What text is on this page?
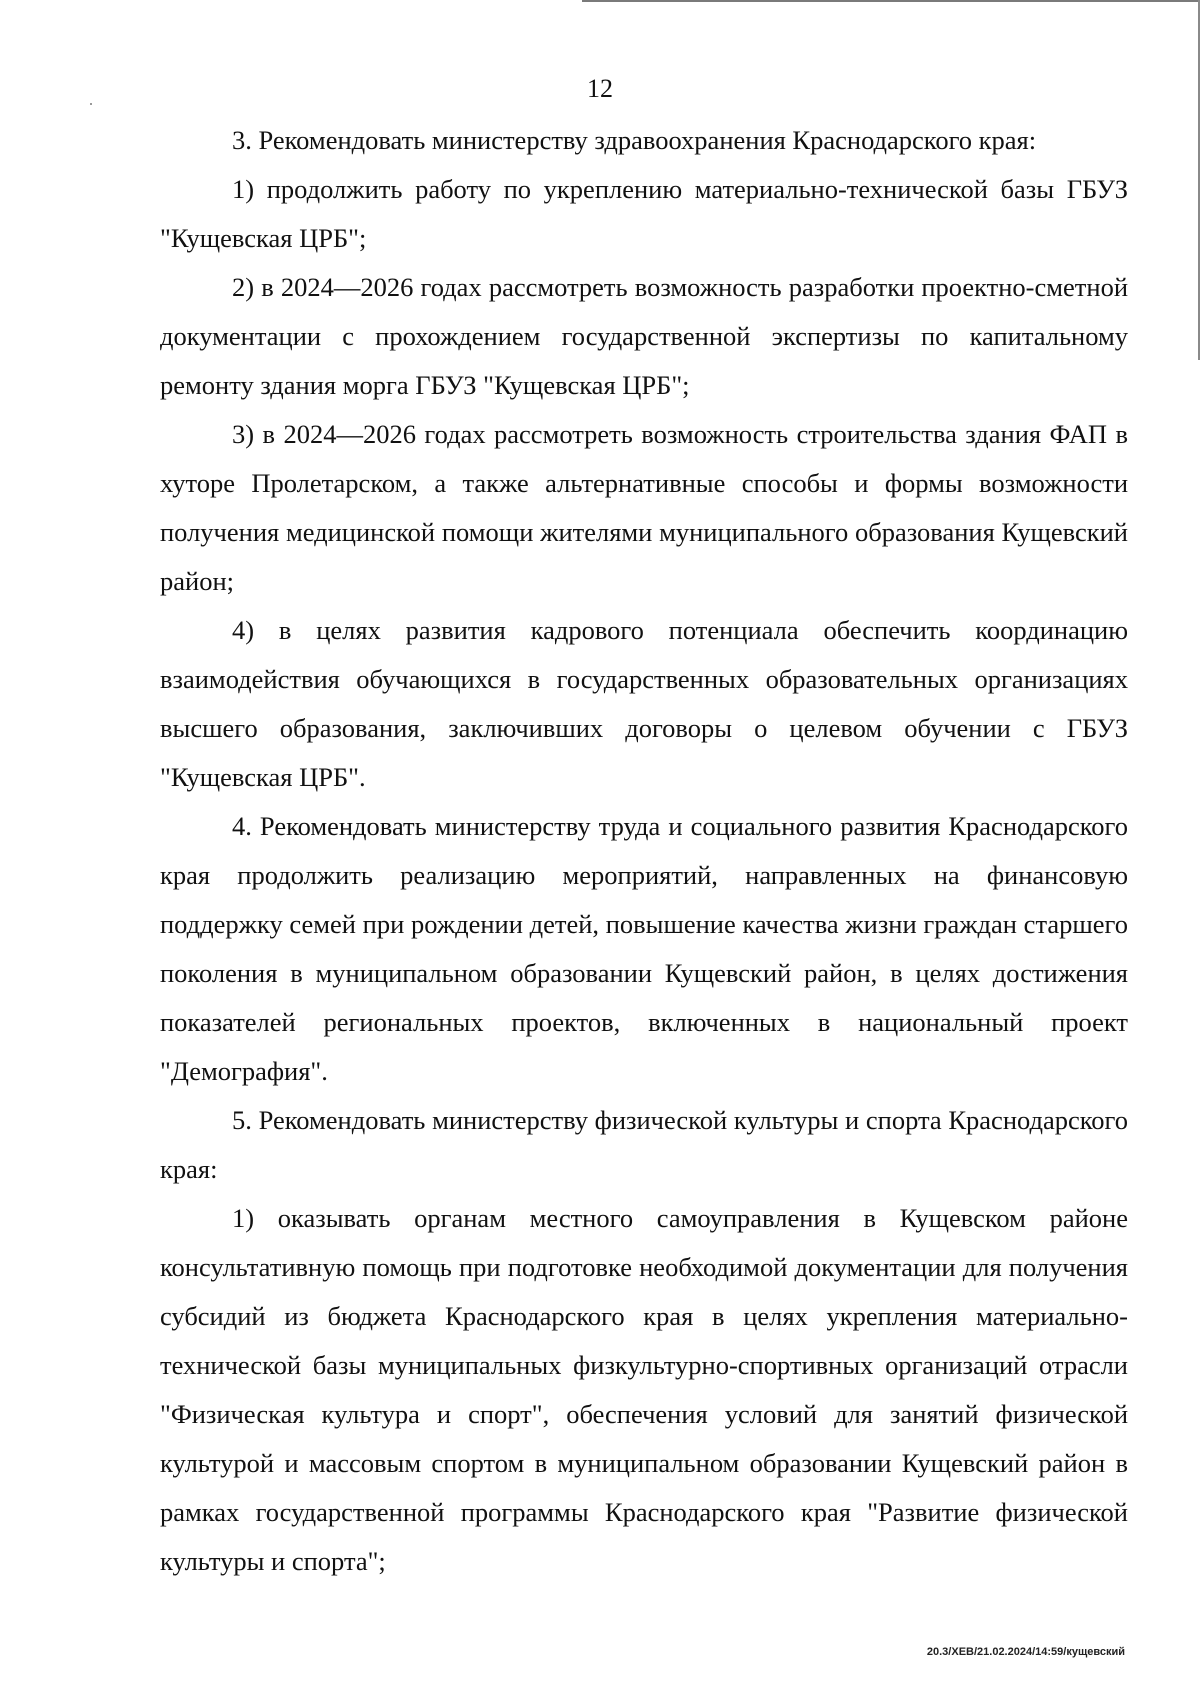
12

3. Рекомендовать министерству здравоохранения Краснодарского края:

1) продолжить работу по укреплению материально-технической базы ГБУЗ "Кущевская ЦРБ";

2) в 2024—2026 годах рассмотреть возможность разработки проектно-сметной документации с прохождением государственной экспертизы по капитальному ремонту здания морга ГБУЗ "Кущевская ЦРБ";

3) в 2024—2026 годах рассмотреть возможность строительства здания ФАП в хуторе Пролетарском, а также альтернативные способы и формы возможности получения медицинской помощи жителями муниципального образования Кущевский район;

4) в целях развития кадрового потенциала обеспечить координацию взаимодействия обучающихся в государственных образовательных организациях высшего образования, заключивших договоры о целевом обучении с ГБУЗ "Кущевская ЦРБ".

4. Рекомендовать министерству труда и социального развития Краснодарского края продолжить реализацию мероприятий, направленных на финансовую поддержку семей при рождении детей, повышение качества жизни граждан старшего поколения в муниципальном образовании Кущевский район, в целях достижения показателей региональных проектов, включенных в национальный проект "Демография".

5. Рекомендовать министерству физической культуры и спорта Краснодарского края:

1) оказывать органам местного самоуправления в Кущевском районе консультативную помощь при подготовке необходимой документации для получения субсидий из бюджета Краснодарского края в целях укрепления материально-технической базы муниципальных физкультурно-спортивных организаций отрасли "Физическая культура и спорт", обеспечения условий для занятий физической культурой и массовым спортом в муниципальном образовании Кущевский район в рамках государственной программы Краснодарского края "Развитие физической культуры и спорта";

20.3/ХЕВ/21.02.2024/14:59/кущевский
